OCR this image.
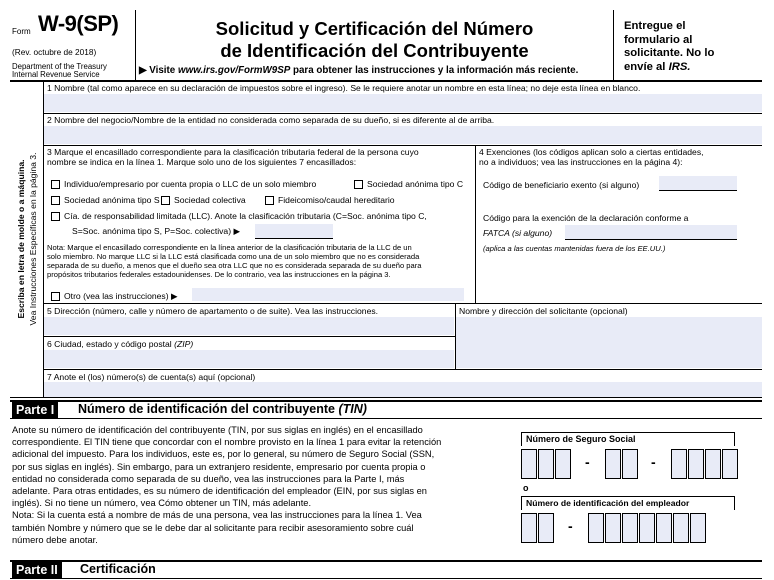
Form W-9(SP)
(Rev. octubre de 2018)
Department of the Treasury
Internal Revenue Service
Solicitud y Certificación del Número
de Identificación del Contribuyente
▶ Visite www.irs.gov/FormW9SP para obtener las instrucciones y la información más reciente.
Entregue el
formulario al
solicitante. No lo
envíe al IRS.
Escriba en letra de molde o a máquina. Vea Instrucciones Específicas en la página 3.
1 Nombre (tal como aparece en su declaración de impuestos sobre el ingreso). Se le requiere anotar un nombre en esta línea; no deje esta línea en blanco.
2 Nombre del negocio/Nombre de la entidad no considerada como separada de su dueño, si es diferente al de arriba.
3 Marque el encasillado correspondiente para la clasificación tributaria federal de la persona cuyo
nombre se indica en la línea 1. Marque solo uno de los siguientes 7 encasillados:
Individuo/empresario por cuenta propia o LLC de un solo miembro	Sociedad anónima tipo C
Sociedad anónima tipo S Sociedad colectiva	Fideicomiso/caudal hereditario
Cía. de responsabilidad limitada (LLC). Anote la clasificación tributaria (C=Soc. anónima tipo C,
S=Soc. anónima tipo S, P=Soc. colectiva) ▶
Nota: Marque el encasillado correspondiente en la línea anterior de la clasificación tributaria de la LLC de un
solo miembro. No marque LLC si la LLC está clasificada como una de un solo miembro que no es considerada
separada de su dueño, a menos que el dueño sea otra LLC que no es considerada separada de su dueño para
propósitos tributarios federales estadounidenses. De lo contrario, vea las instrucciones en la página 3.
Otro (vea las instrucciones) ▶
4 Exenciones (los códigos aplican solo a ciertas entidades,
no a individuos; vea las instrucciones en la página 4):
Código de beneficiario exento (si alguno)
Código para la exención de la declaración conforme a
FATCA (si alguno)
(aplica a las cuentas mantenidas fuera de los EE.UU.)
5 Dirección (número, calle y número de apartamento o de suite). Vea las instrucciones.	Nombre y dirección del solicitante (opcional)
6 Ciudad, estado y código postal (ZIP)
7 Anote el (los) número(s) de cuenta(s) aquí (opcional)
Parte I	Número de identificación del contribuyente (TIN)
Anote su número de identificación del contribuyente (TIN, por sus siglas en inglés) en el encasillado
correspondiente. El TIN tiene que concordar con el nombre provisto en la línea 1 para evitar la retención
adicional del impuesto. Para los individuos, este es, por lo general, su número de Seguro Social (SSN,
por sus siglas en inglés). Sin embargo, para un extranjero residente, empresario por cuenta propia o
entidad no considerada como separada de su dueño, vea las instrucciones para la Parte I, más
adelante. Para otras entidades, es su número de identificación del empleador (EIN, por sus siglas en
inglés). Si no tiene un número, vea Cómo obtener un TIN, más adelante.
Nota: Si la cuenta está a nombre de más de una persona, vea las instrucciones para la línea 1. Vea
también Nombre y número que se le debe dar al solicitante para recibir asesoramiento sobre cuál
número debe anotar.
Número de Seguro Social
-	-
o
Número de identificación del empleador
-
Parte II	Certificación
